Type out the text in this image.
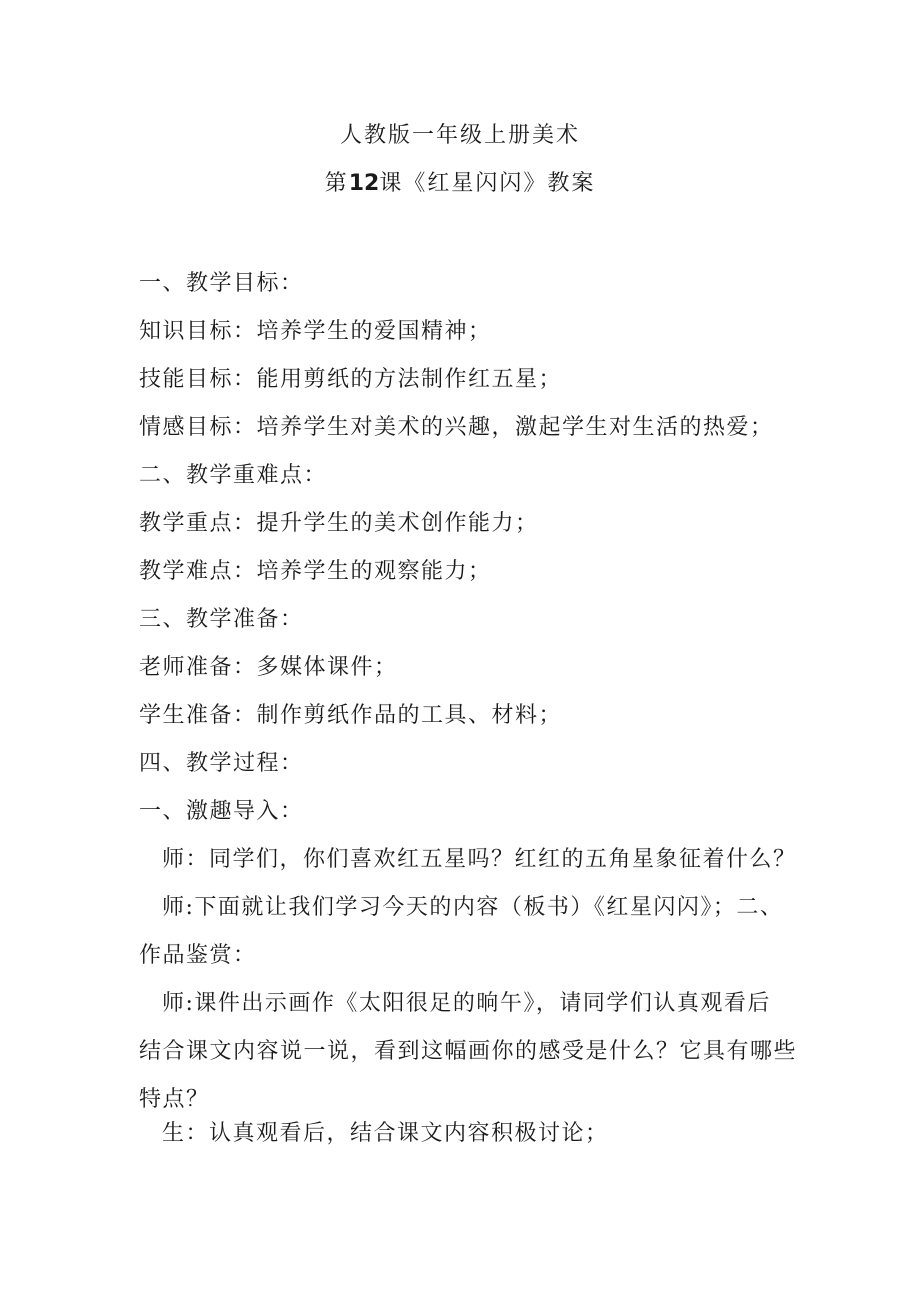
人教版一年级上册美术
第12课《红星闪闪》教案
一、教学目标：
知识目标：培养学生的爱国精神；
技能目标：能用剪纸的方法制作红五星；
情感目标：培养学生对美术的兴趣，激起学生对生活的热爱；
二、教学重难点：
教学重点：提升学生的美术创作能力；
教学难点：培养学生的观察能力；
三、教学准备：
老师准备：多媒体课件；
学生准备：制作剪纸作品的工具、材料；
四、教学过程：
一、激趣导入：
师：同学们，你们喜欢红五星吗？红红的五角星象征着什么？
师:下面就让我们学习今天的内容（板书）《红星闪闪》；二、
作品鉴赏：
师:课件出示画作《太阳很足的晌午》，请同学们认真观看后
结合课文内容说一说，看到这幅画你的感受是什么？它具有哪些
特点？
生：认真观看后，结合课文内容积极讨论；
